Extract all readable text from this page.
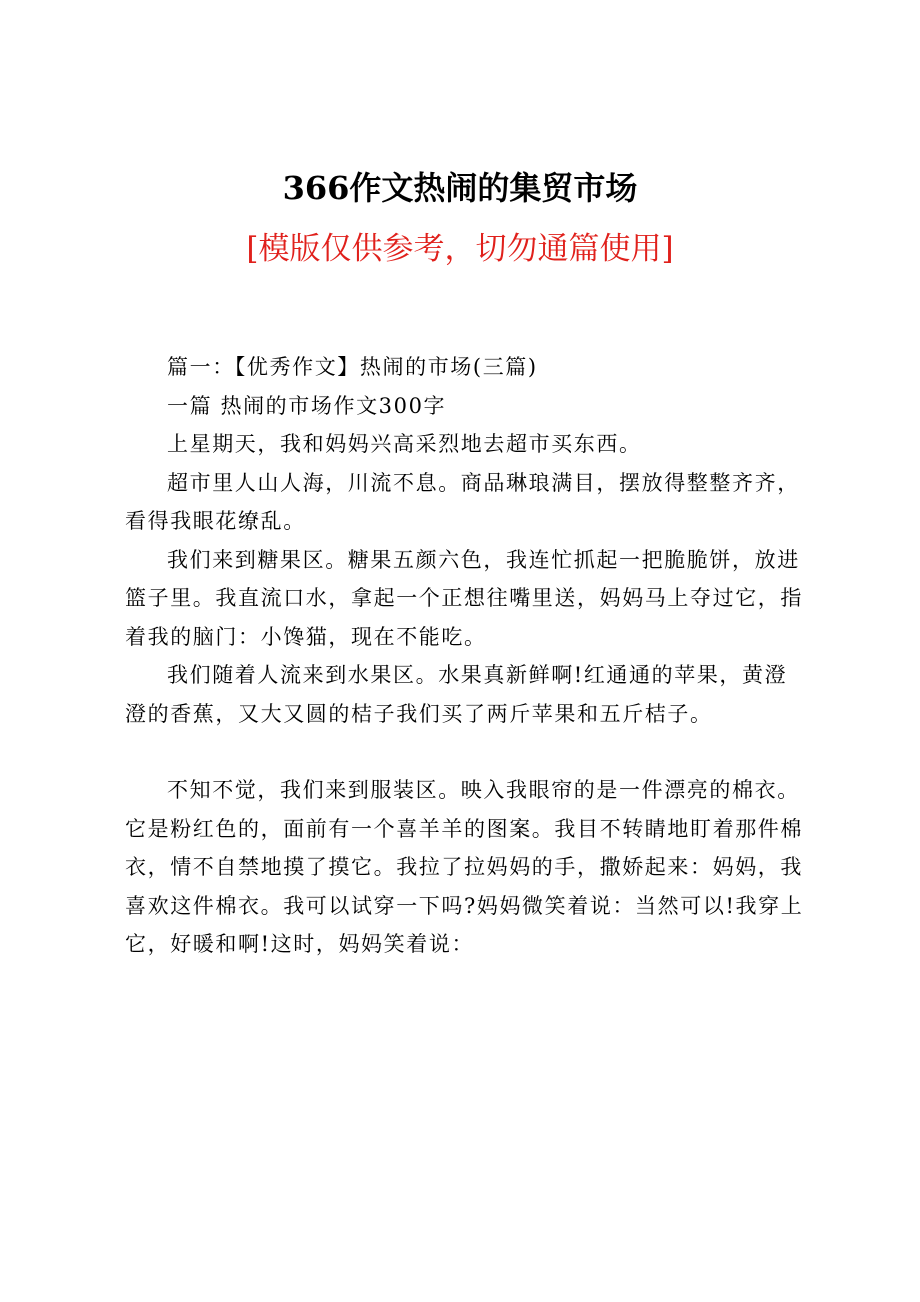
366作文热闹的集贸市场
[模版仅供参考，切勿通篇使用]

篇一：【优秀作文】热闹的市场(三篇)

一篇 热闹的市场作文300字

上星期天，我和妈妈兴高采烈地去超市买东西。

超市里人山人海，川流不息。商品琳琅满目，摆放得整整齐齐，看得我眼花缭乱。

我们来到糖果区。糖果五颜六色，我连忙抓起一把脆脆饼，放进篮子里。我直流口水，拿起一个正想往嘴里送，妈妈马上夺过它，指着我的脑门：小馋猫，现在不能吃。

我们随着人流来到水果区。水果真新鲜啊!红通通的苹果，黄澄澄的香蕉，又大又圆的桔子我们买了两斤苹果和五斤桔子。

不知不觉，我们来到服装区。映入我眼帘的是一件漂亮的棉衣。它是粉红色的，面前有一个喜羊羊的图案。我目不转睛地盯着那件棉衣，情不自禁地摸了摸它。我拉了拉妈妈的手，撒娇起来：妈妈，我喜欢这件棉衣。我可以试穿一下吗?妈妈微笑着说：当然可以!我穿上它，好暖和啊!这时，妈妈笑着说：
